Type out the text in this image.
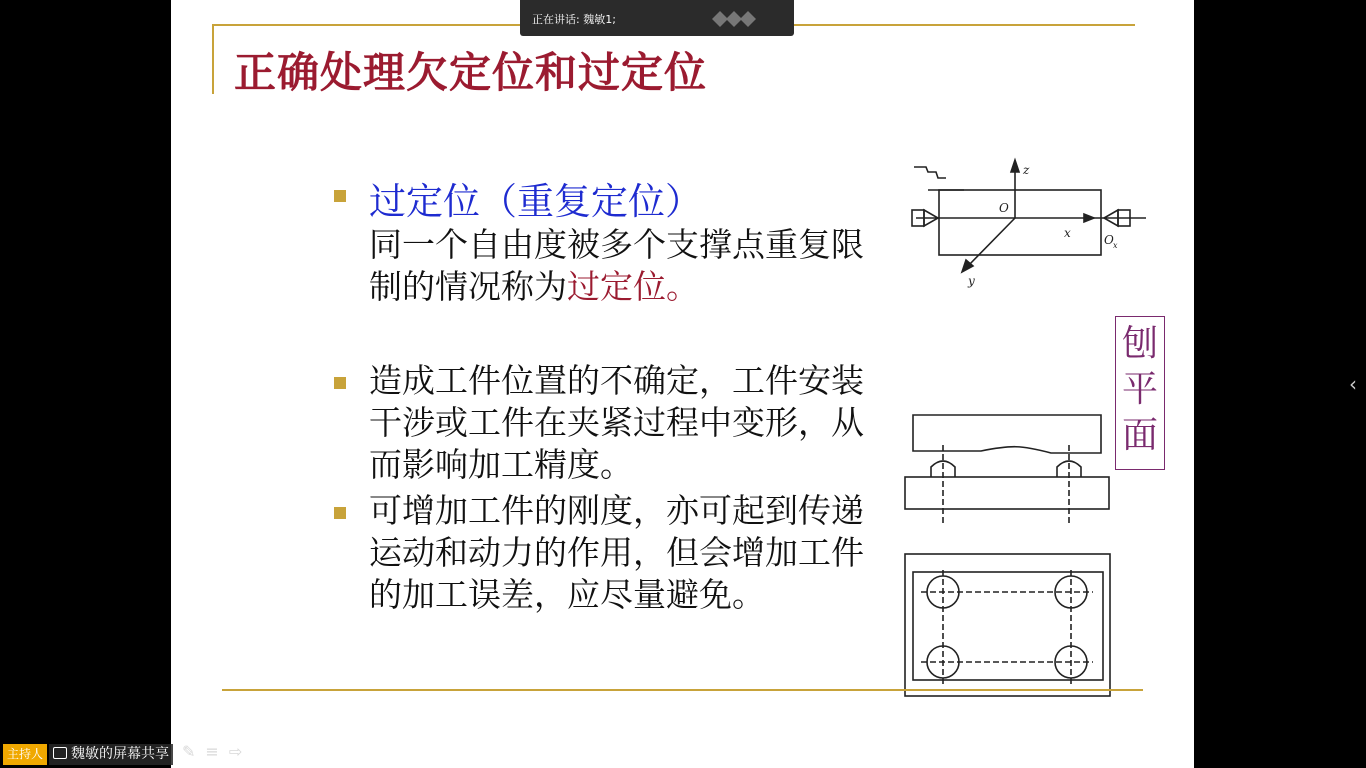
正确处理欠定位和过定位
过定位（重复定位）
同一个自由度被多个支撑点重复限制的情况称为过定位。
造成工件位置的不确定，工件安装干涉或工件在夹紧过程中变形，从而影响加工精度。
可增加工件的刚度，亦可起到传递运动和动力的作用，但会增加工件的加工误差，应尽量避免。
z
O
x	O x
y
刨平面
正在讲话: 魏敏1;
‹
主持人	魏敏的屏幕共享 ✎≡⇨
